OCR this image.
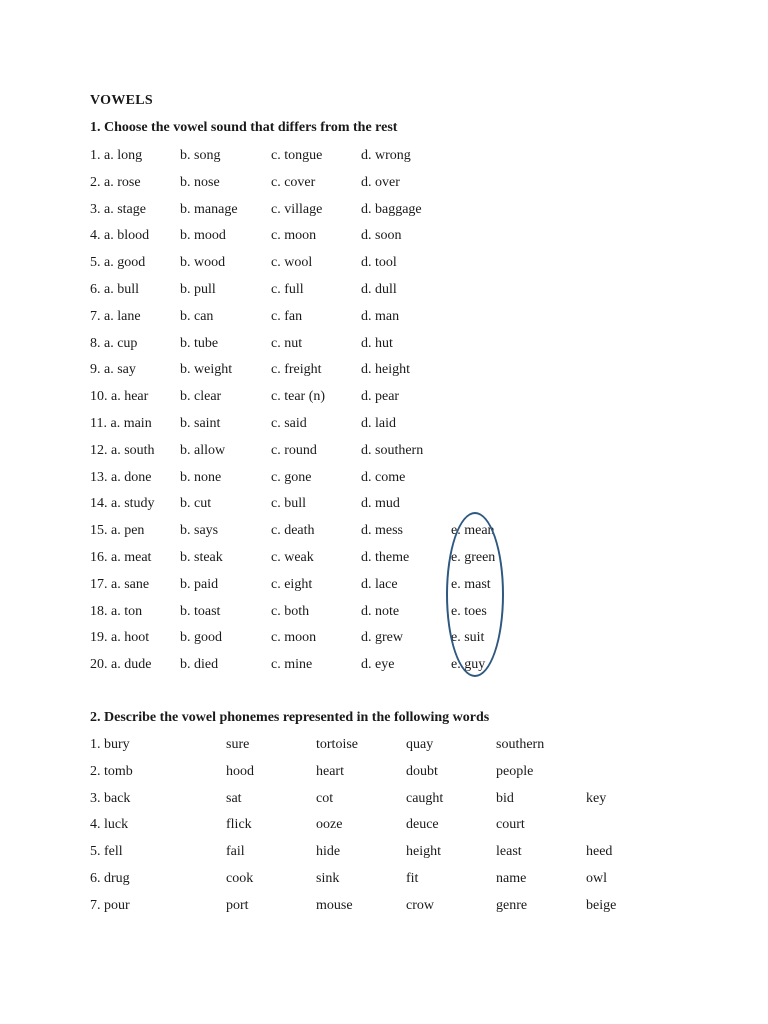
VOWELS
1. Choose the vowel sound that differs from the rest
1. a. long	b. song	c. tongue	d. wrong
2. a. rose	b. nose	c. cover	d. over
3. a. stage b. manage c. village	d. baggage
4. a. blood b. mood	c. moon	d. soon
5. a. good b. wood	c. wool	d. tool
6. a. bull	b. pull	c. full	d. dull
7. a. lane	b. can	c. fan	d. man
8. a. cup	b. tube	c. nut	d. hut
9. a. say	b. weight	c. freight	d. height
10. a. hear b. clear	c. tear (n)	d. pear
11. a. main b. saint	c. said	d. laid
12. a. south b. allow	c. round	d. southern
13. a. done b. none	c. gone	d. come
14. a. study b. cut	c. bull	d. mud
15. a. pen	b. says	c. death	d. mess	e. mean
16. a. meat b. steak	c. weak	d. theme	e. green
17. a. sane b. paid	c. eight	d. lace	e. mast
18. a. ton	b. toast	c. both	d. note	e. toes
19. a. hoot b. good	c. moon	d. grew	e. suit
20. a. dude b. died	c. mine	d. eye	e. guy
2. Describe the vowel phonemes represented in the following words
1. bury	sure	tortoise	quay	southern
2. tomb	hood	heart	doubt	people
3. back	sat	cot	caught	bid	key
4. luck	flick	ooze	deuce	court
5. fell	fail	hide	height	least	heed
6. drug	cook	sink	fit	name	owl
7. pour	port	mouse	crow	genre	beige
